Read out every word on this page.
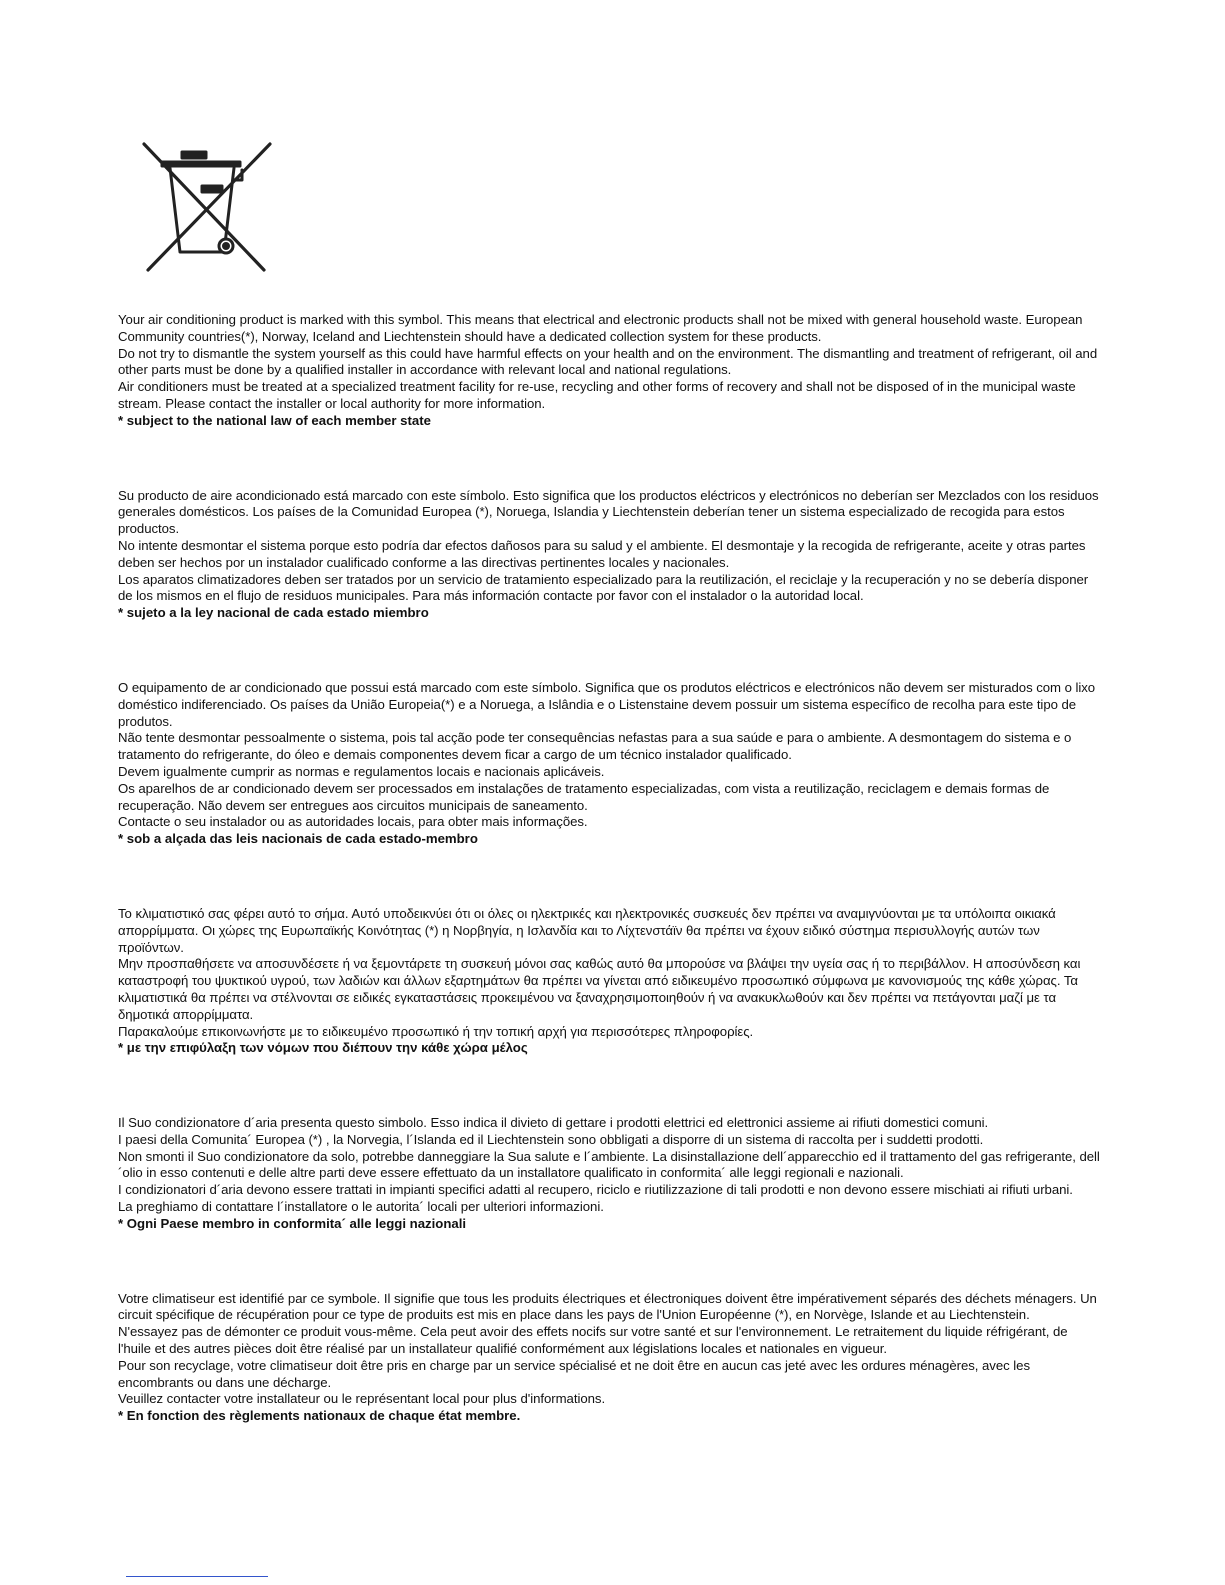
Your air conditioning product is marked with this symbol. This means that electrical and electronic products shall not be mixed with general household waste. European Community countries(*), Norway, Iceland and Liechtenstein should have a dedicated collection system for these products.

Do not try to dismantle the system yourself as this could have harmful effects on your health and on the environment. The dismantling and treatment of refrigerant, oil and other parts must be done by a qualified installer in accordance with relevant local and national regulations.

Air conditioners must be treated at a specialized treatment facility for re-use, recycling and other forms of recovery and shall not be disposed of in the municipal waste stream. Please contact the installer or local authority for more information.

* subject to the national law of each member state

Su producto de aire acondicionado está marcado con este símbolo. Esto significa que los productos eléctricos y electrónicos no deberían ser Mezclados con los residuos generales domésticos. Los países de la Comunidad Europea (*), Noruega, Islandia y Liechtenstein deberían tener un sistema especializado de recogida para estos productos.

No intente desmontar el sistema porque esto podría dar efectos dañosos para su salud y el ambiente. El desmontaje y la recogida de refrigerante, aceite y otras partes deben ser hechos por un instalador cualificado conforme a las directivas pertinentes locales y nacionales.

Los aparatos climatizadores deben ser tratados por un servicio de tratamiento especializado para la reutilización, el reciclaje y la recuperación y no se debería disponer de los mismos en el flujo de residuos municipales. Para más información contacte por favor con el instalador o la autoridad local.

* sujeto a la ley nacional de cada estado miembro

O equipamento de ar condicionado que possui está marcado com este símbolo. Significa que os produtos eléctricos e electrónicos não devem ser misturados com o lixo doméstico indiferenciado. Os países da União Europeia(*) e a Noruega, a Islândia e o Listenstaine devem possuir um sistema específico de recolha para este tipo de produtos.

Não tente desmontar pessoalmente o sistema, pois tal acção pode ter consequências nefastas para a sua saúde e para o ambiente. A desmontagem do sistema e o tratamento do refrigerante, do óleo e demais componentes devem ficar a cargo de um técnico instalador qualificado.

Devem igualmente cumprir as normas e regulamentos locais e nacionais aplicáveis.

Os aparelhos de ar condicionado devem ser processados em instalações de tratamento especializadas, com vista a reutilização, reciclagem e demais formas de recuperação. Não devem ser entregues aos circuitos municipais de saneamento.

Contacte o seu instalador ou as autoridades locais, para obter mais informações.

* sob a alçada das leis nacionais de cada estado-membro

Το κλιματιστικό σας φέρει αυτό το σήμα. Αυτό υποδεικνύει ότι οι όλες οι ηλεκτρικές και ηλεκτρονικές συσκευές δεν πρέπει να αναμιγνύονται με τα υπόλοιπα οικιακά απορρίμματα. Οι χώρες της Ευρωπαϊκής Κοινότητας (*) η Νορβηγία, η Ισλανδία και το Λίχτενστάϊν θα πρέπει να έχουν ειδικό σύστημα περισυλλογής αυτών των προϊόντων.

Μην προσπαθήσετε να αποσυνδέσετε ή να ξεμοντάρετε τη συσκευή μόνοι σας καθώς αυτό θα μπορούσε να βλάψει την υγεία σας ή το περιβάλλον. Η αποσύνδεση και καταστροφή του ψυκτικού υγρού, των λαδιών και άλλων εξαρτημάτων θα πρέπει να γίνεται από ειδικευμένο προσωπικό σύμφωνα με κανονισμούς της κάθε χώρας. Τα κλιματιστικά θα πρέπει να στέλνονται σε ειδικές εγκαταστάσεις προκειμένου να ξαναχρησιμοποιηθούν ή να ανακυκλωθούν και δεν πρέπει να πετάγονται μαζί με τα δημοτικά απορρίμματα.

Παρακαλούμε επικοινωνήστε με το ειδικευμένο προσωπικό ή την τοπική αρχή για περισσότερες πληροφορίες.

* με την επιφύλαξη των νόμων που διέπουν την κάθε χώρα μέλος

Il Suo condizionatore d´aria presenta questo simbolo. Esso indica il divieto di gettare i prodotti elettrici ed elettronici assieme ai rifiuti domestici comuni.

I paesi della Comunita´ Europea (*) , la Norvegia, l´Islanda ed il Liechtenstein sono obbligati a disporre di un sistema di raccolta per i suddetti prodotti.

Non smonti il Suo condizionatore da solo, potrebbe danneggiare la Sua salute e l´ambiente. La disinstallazione dell´apparecchio ed il trattamento del gas refrigerante, dell´olio in esso contenuti e delle altre parti deve essere effettuato da un installatore qualificato in conformita´ alle leggi regionali e nazionali.

I condizionatori d´aria devono essere trattati in impianti specifici adatti al recupero, riciclo e riutilizzazione di tali prodotti e non devono essere mischiati ai rifiuti urbani.

La preghiamo di contattare l´installatore o le autorita´ locali per ulteriori informazioni.

* Ogni Paese membro in conformita´ alle leggi nazionali

Votre climatiseur est identifié par ce symbole. Il signifie que tous les produits électriques et électroniques doivent être impérativement séparés des déchets ménagers. Un circuit spécifique de récupération pour ce type de produits est mis en place dans les pays de l'Union Européenne (*), en Norvège, Islande et au Liechtenstein.

N'essayez pas de démonter ce produit vous-même. Cela peut avoir des effets nocifs sur votre santé et sur l'environnement. Le retraitement du liquide réfrigérant, de l'huile et des autres pièces doit être réalisé par un installateur qualifié conformément aux législations locales et nationales en vigueur.

Pour son recyclage, votre climatiseur doit être pris en charge par un service spécialisé et ne doit être en aucun cas jeté avec les ordures ménagères, avec les encombrants ou dans une décharge.

Veuillez contacter votre installateur ou le représentant local pour plus d'informations.

* En fonction des règlements nationaux de chaque état membre.
